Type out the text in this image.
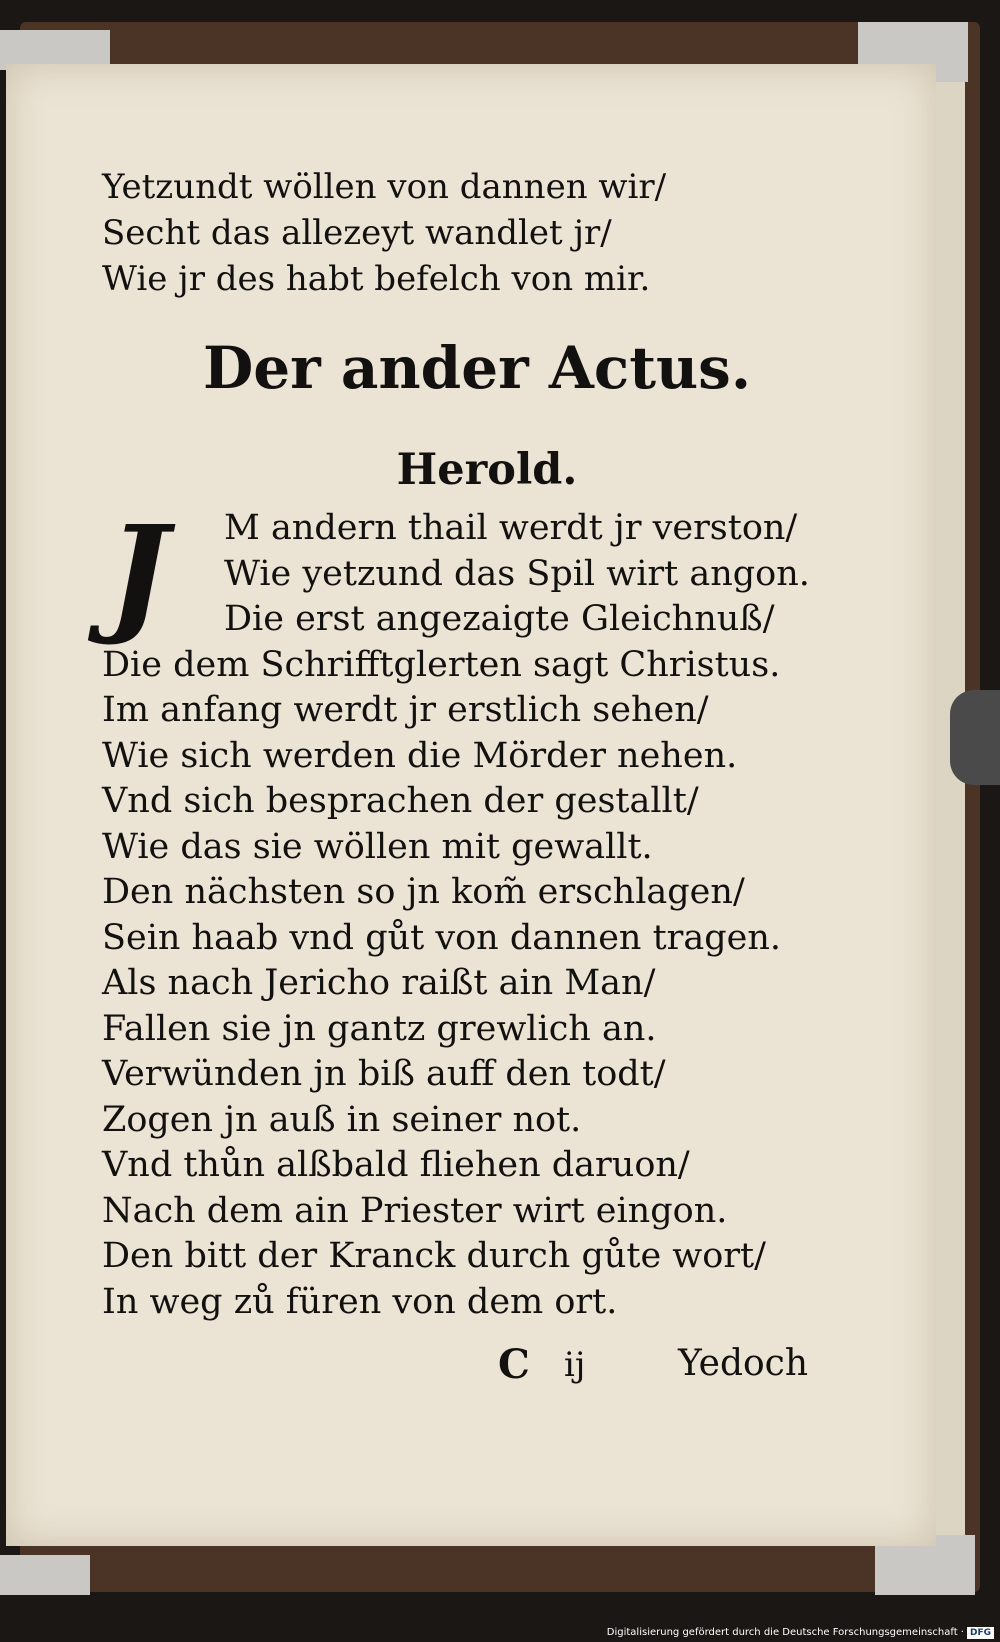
Yetzundt wöllen von dannen wir/
Secht das allezeyt wandlet jr/
Wie jr des habt befelch von mir.
Der ander Actus.
Herold.
J	M andern thail werdt jr verston/
Wie yetzund das Spil wirt angon.
Die erst angezaigte Gleichnuß/
Die dem Schrifftglerten sagt Christus.
Im anfang werdt jr erstlich sehen/
Wie sich werden die Mörder nehen.
Vnd sich besprachen der gestallt/
Wie das sie wöllen mit gewallt.
Den nächsten so jn kom̃ erschlagen/
Sein haab vnd gůt von dannen tragen.
Als nach Jericho raißt ain Man/
Fallen sie jn gantz grewlich an.
Verwünden jn biß auff den todt/
Zogen jn auß in seiner not.
Vnd thůn alßbald fliehen daruon/
Nach dem ain Priester wirt eingon.
Den bitt der Kranck durch gůte wort/
In weg zů füren von dem ort.
C ij	Yedoch
Digitalisierung gefördert durch die Deutsche Forschungsgemeinschaft · DFG
